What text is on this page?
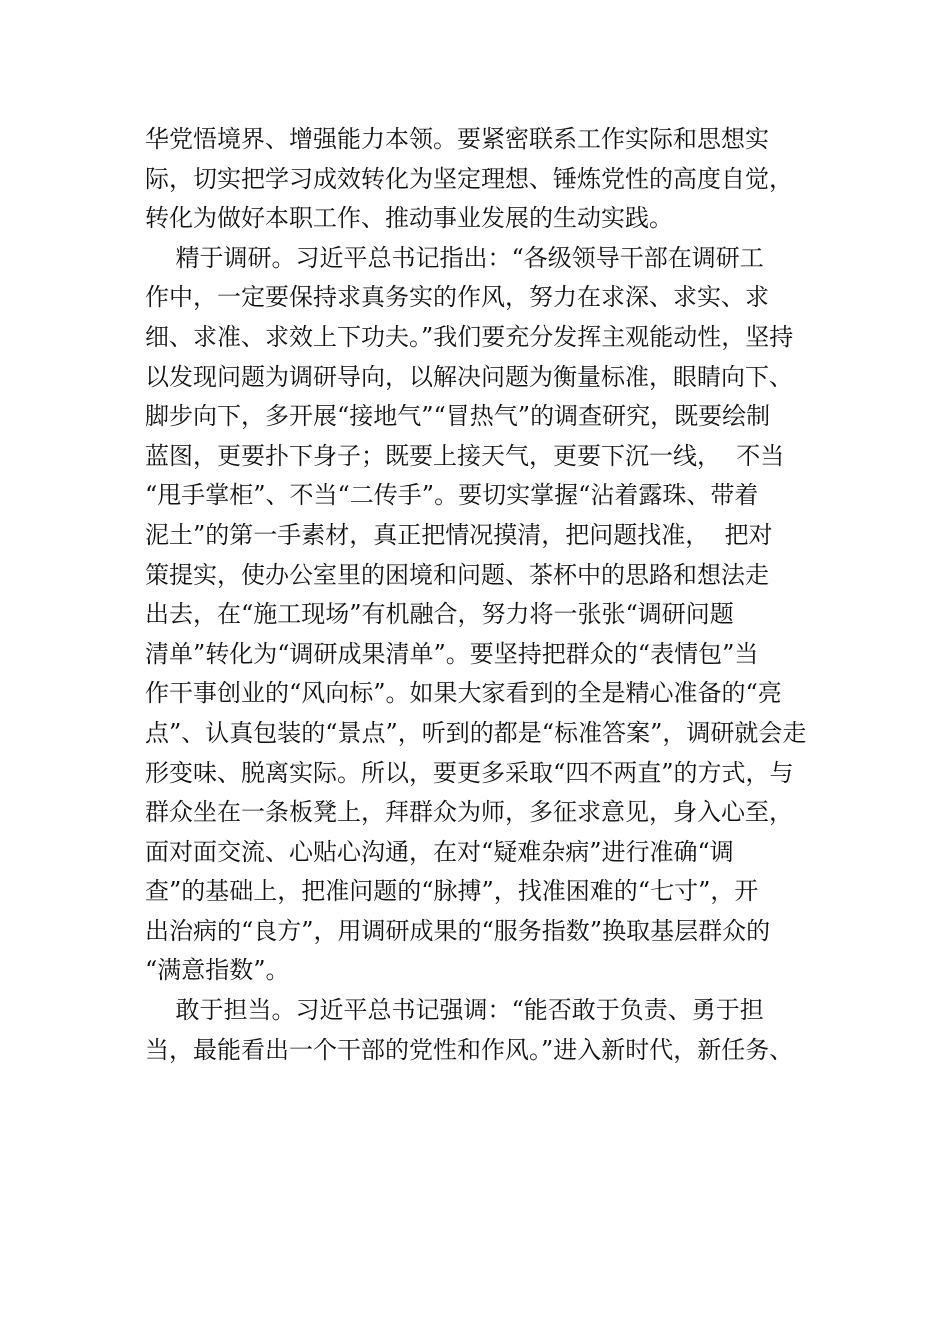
华党悟境界、增强能力本领。要紧密联系工作实际和思想实
际，切实把学习成效转化为坚定理想、锤炼党性的高度自觉，
转化为做好本职工作、推动事业发展的生动实践。
精于调研。习近平总书记指出：“各级领导干部在调研工
作中，一定要保持求真务实的作风，努力在求深、求实、求
细、求准、求效上下功夫。”我们要充分发挥主观能动性，坚持
以发现问题为调研导向，以解决问题为衡量标准，眼睛向下、
脚步向下，多开展“接地气”“冒热气”的调查研究，既要绘制
蓝图，更要扑下身子；既要上接天气，更要下沉一线，  不当
“甩手掌柜”、不当“二传手”。要切实掌握“沾着露珠、带着
泥土”的第一手素材，真正把情况摸清，把问题找准，  把对
策提实，使办公室里的困境和问题、茶杯中的思路和想法走
出去，在“施工现场”有机融合，努力将一张张“调研问题
清单”转化为“调研成果清单”。要坚持把群众的“表情包”当
作干事创业的“风向标”。如果大家看到的全是精心准备的“亮
点”、认真包装的“景点”，听到的都是“标准答案”，调研就会走
形变味、脱离实际。所以，要更多采取“四不两直”的方式，与
群众坐在一条板凳上，拜群众为师，多征求意见，身入心至，
面对面交流、心贴心沟通，在对“疑难杂病”进行准确“调
查”的基础上，把准问题的“脉搏”，找准困难的“七寸”，开
出治病的“良方”，用调研成果的“服务指数”换取基层群众的
“满意指数”。
敢于担当。习近平总书记强调：“能否敢于负责、勇于担
当，最能看出一个干部的党性和作风。”进入新时代，新任务、
